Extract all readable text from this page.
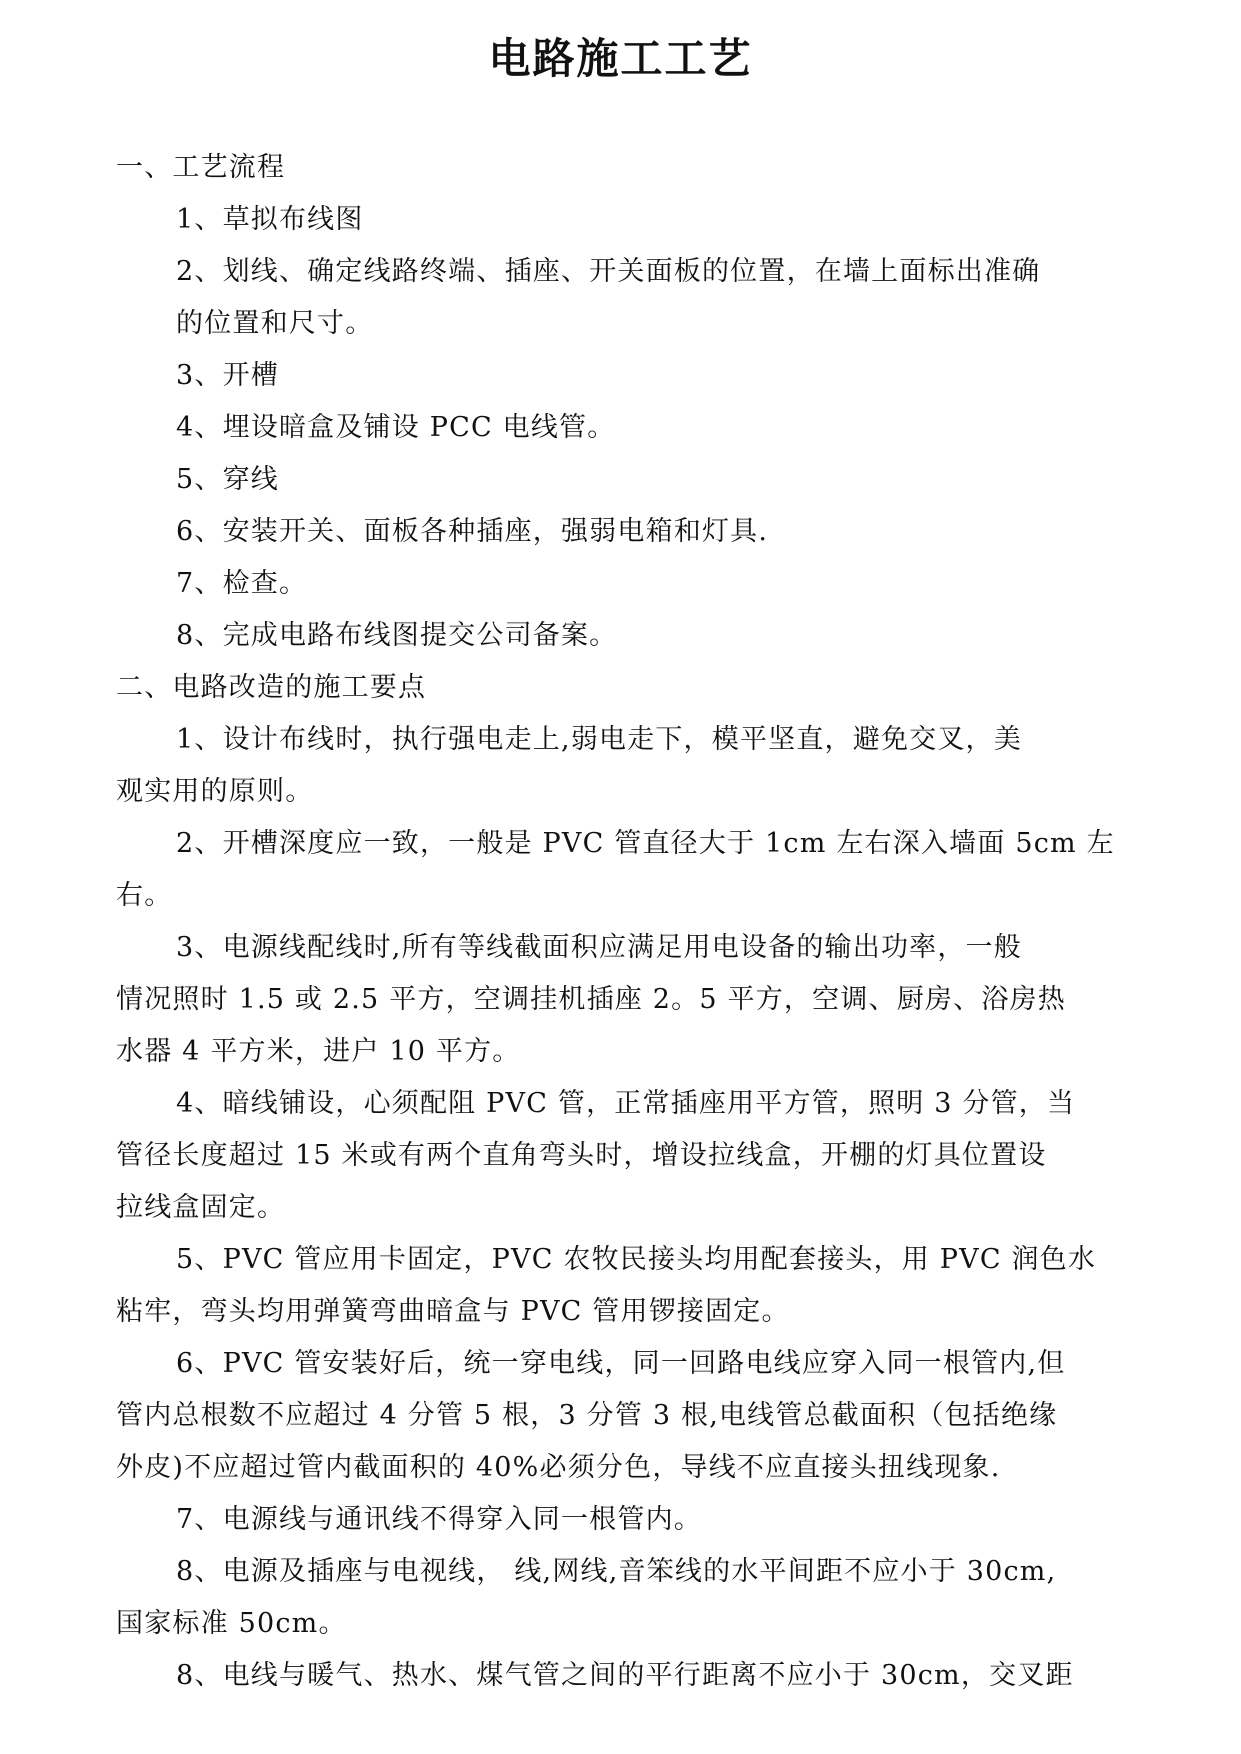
电路施工工艺

一、工艺流程

1、草拟布线图

2、划线、确定线路终端、插座、开关面板的位置，在墙上面标出准确

的位置和尺寸。

3、开槽

4、埋设暗盒及铺设 PCC 电线管。

5、穿线

6、安装开关、面板各种插座，强弱电箱和灯具.

7、检查。

8、完成电路布线图提交公司备案。

二、电路改造的施工要点

1、设计布线时，执行强电走上,弱电走下，模平坚直，避免交叉，美

观实用的原则。

2、开槽深度应一致，一般是 PVC 管直径大于 1cm 左右深入墙面 5cm 左

右。

3、电源线配线时,所有等线截面积应满足用电设备的输出功率，一般

情况照时 1.5 或 2.5 平方，空调挂机插座 2。5 平方，空调、厨房、浴房热

水器 4 平方米，进户 10 平方。

4、暗线铺设，心须配阻 PVC 管，正常插座用平方管，照明 3 分管，当

管径长度超过 15 米或有两个直角弯头时，增设拉线盒，开棚的灯具位置设

拉线盒固定。

5、PVC 管应用卡固定，PVC 农牧民接头均用配套接头，用 PVC 润色水

粘牢，弯头均用弹簧弯曲暗盒与 PVC 管用锣接固定。

6、PVC 管安装好后，统一穿电线，同一回路电线应穿入同一根管内,但

管内总根数不应超过 4 分管 5 根，3 分管 3 根,电线管总截面积（包括绝缘

外皮)不应超过管内截面积的 40%必须分色，导线不应直接头扭线现象.

7、电源线与通讯线不得穿入同一根管内。

8、电源及插座与电视线， 线,网线,音笨线的水平间距不应小于 30cm,

国家标准 50cm。

8、电线与暖气、热水、煤气管之间的平行距离不应小于 30cm，交叉距
